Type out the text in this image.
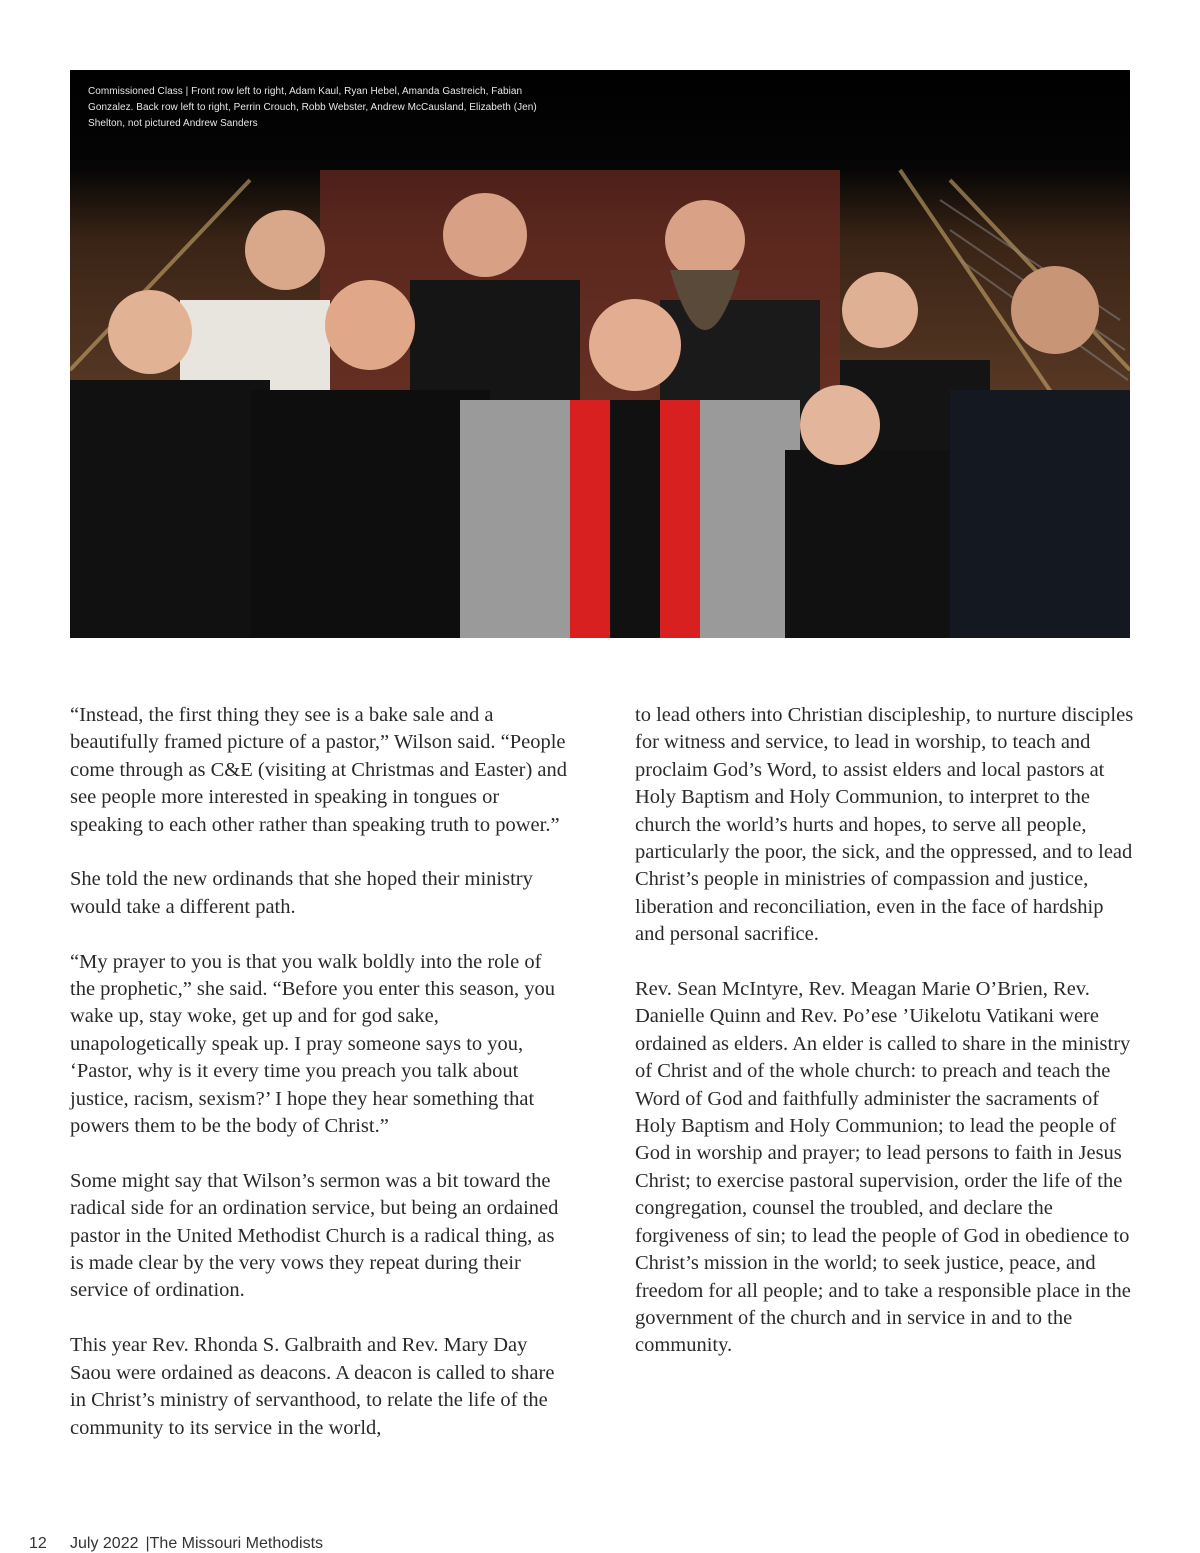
Commissioned Class | Front row left to right, Adam Kaul, Ryan Hebel, Amanda Gastreich, Fabian Gonzalez. Back row left to right, Perrin Crouch, Robb Webster, Andrew McCausland, Elizabeth (Jen) Shelton, not pictured Andrew Sanders

“Instead, the first thing they see is a bake sale and a beautifully framed picture of a pastor,” Wilson said. “People come through as C&E (visiting at Christmas and Easter) and see people more interested in speaking in tongues or speaking to each other rather than speaking truth to power.”

She told the new ordinands that she hoped their ministry would take a different path.

“My prayer to you is that you walk boldly into the role of the prophetic,” she said. “Before you enter this season, you wake up, stay woke, get up and for god sake, unapologetically speak up. I pray someone says to you, ‘Pastor, why is it every time you preach you talk about justice, racism, sexism?’ I hope they hear something that powers them to be the body of Christ.”

Some might say that Wilson’s sermon was a bit toward the radical side for an ordination service, but being an ordained pastor in the United Methodist Church is a radical thing, as is made clear by the very vows they repeat during their service of ordination.

This year Rev. Rhonda S. Galbraith and Rev. Mary Day Saou were ordained as deacons. A deacon is called to share in Christ’s ministry of servanthood, to relate the life of the community to its service in the world,

to lead others into Christian discipleship, to nurture disciples for witness and service, to lead in worship, to teach and proclaim God’s Word, to assist elders and local pastors at Holy Baptism and Holy Communion, to interpret to the church the world’s hurts and hopes, to serve all people, particularly the poor, the sick, and the oppressed, and to lead Christ’s people in ministries of compassion and justice, liberation and reconciliation, even in the face of hardship and personal sacrifice.

Rev. Sean McIntyre, Rev. Meagan Marie O’Brien, Rev. Danielle Quinn and Rev. Po’ese ’Uikelotu Vatikani were ordained as elders. An elder is called to share in the ministry of Christ and of the whole church: to preach and teach the Word of God and faithfully administer the sacraments of Holy Baptism and Holy Communion; to lead the people of God in worship and prayer; to lead persons to faith in Jesus Christ; to exercise pastoral supervision, order the life of the congregation, counsel the troubled, and declare the forgiveness of sin; to lead the people of God in obedience to Christ’s mission in the world; to seek justice, peace, and freedom for all people; and to take a responsible place in the government of the church and in service in and to the community.

12 July 2022 |The Missouri Methodists
